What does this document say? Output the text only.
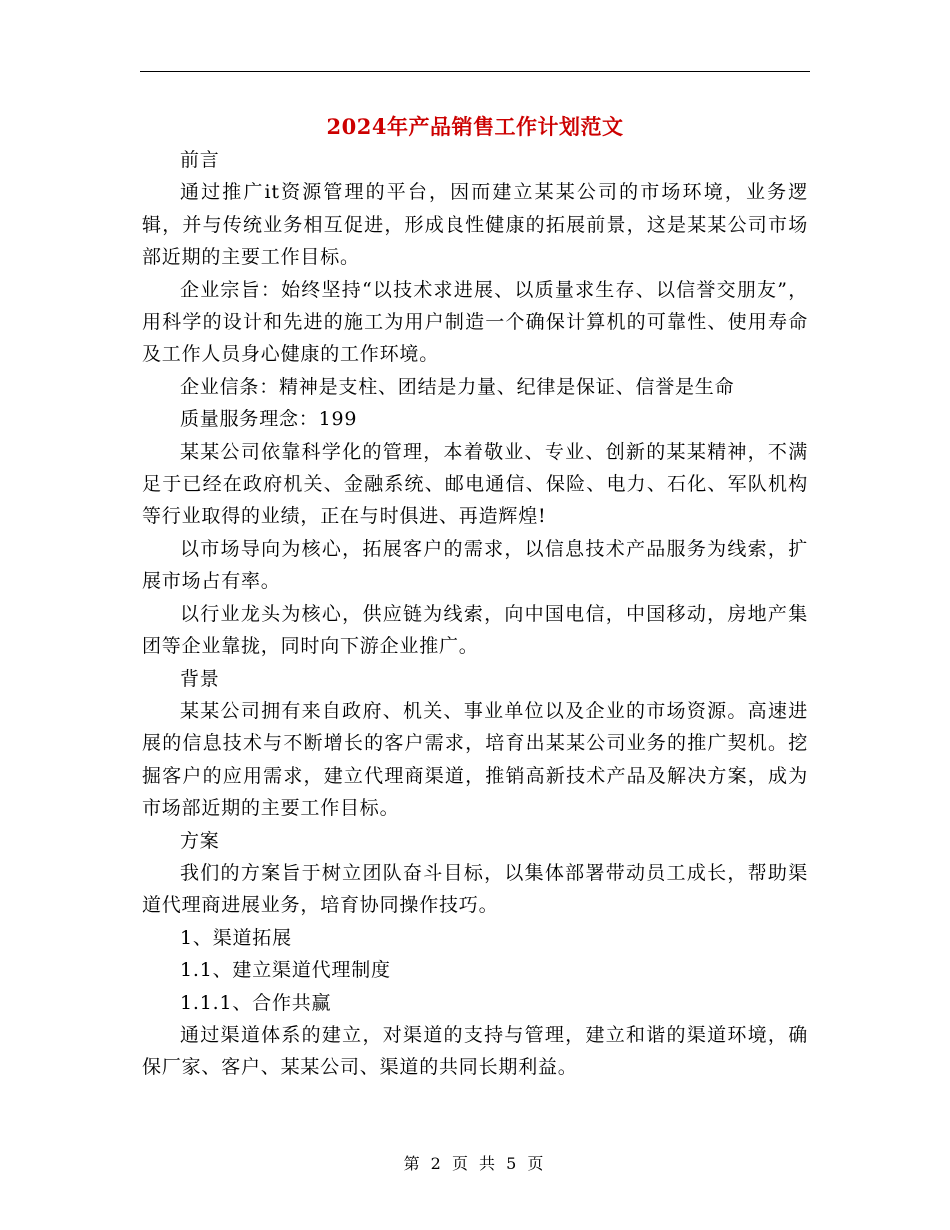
2024年产品销售工作计划范文

前言

通过推广it资源管理的平台，因而建立某某公司的市场环境，业务逻辑，并与传统业务相互促进，形成良性健康的拓展前景，这是某某公司市场部近期的主要工作目标。

企业宗旨：始终坚持“以技术求进展、以质量求生存、以信誉交朋友”，用科学的设计和先进的施工为用户制造一个确保计算机的可靠性、使用寿命及工作人员身心健康的工作环境。

企业信条：精神是支柱、团结是力量、纪律是保证、信誉是生命

质量服务理念：199

某某公司依靠科学化的管理，本着敬业、专业、创新的某某精神，不满足于已经在政府机关、金融系统、邮电通信、保险、电力、石化、军队机构等行业取得的业绩，正在与时俱进、再造辉煌!

以市场导向为核心，拓展客户的需求，以信息技术产品服务为线索，扩展市场占有率。

以行业龙头为核心，供应链为线索，向中国电信，中国移动，房地产集团等企业靠拢，同时向下游企业推广。

背景

某某公司拥有来自政府、机关、事业单位以及企业的市场资源。高速进展的信息技术与不断增长的客户需求，培育出某某公司业务的推广契机。挖掘客户的应用需求，建立代理商渠道，推销高新技术产品及解决方案，成为市场部近期的主要工作目标。

方案

我们的方案旨于树立团队奋斗目标，以集体部署带动员工成长，帮助渠道代理商进展业务，培育协同操作技巧。

1、渠道拓展

1.1、建立渠道代理制度

1.1.1、合作共赢

通过渠道体系的建立，对渠道的支持与管理，建立和谐的渠道环境，确保厂家、客户、某某公司、渠道的共同长期利益。

第 2 页 共 5 页
